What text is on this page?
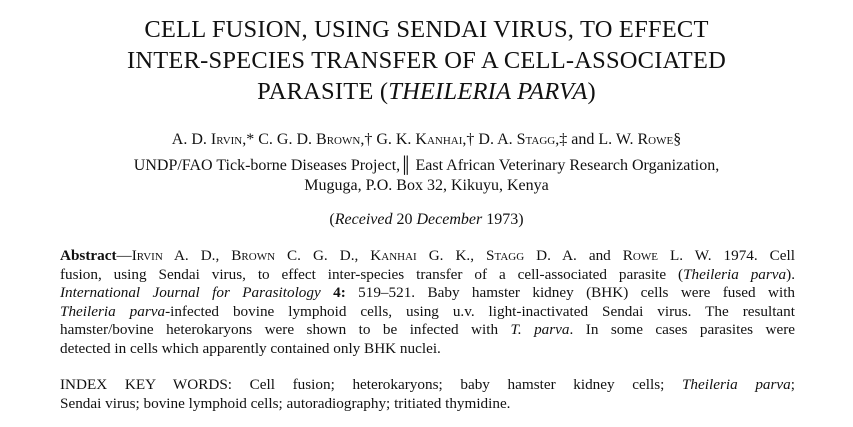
CELL FUSION, USING SENDAI VIRUS, TO EFFECT
INTER-SPECIES TRANSFER OF A CELL-ASSOCIATED
PARASITE (THEILERIA PARVA)
A. D. Irvin,* C. G. D. Brown,† G. K. Kanhai,† D. A. Stagg,‡ and L. W. Rowe§
UNDP/FAO Tick-borne Diseases Project,║ East African Veterinary Research Organization,
Muguga, P.O. Box 32, Kikuyu, Kenya
(Received 20 December 1973)
Abstract—Irvin A. D., Brown C. G. D., Kanhai G. K., Stagg D. A. and Rowe L. W. 1974. Cell
fusion, using Sendai virus, to effect inter-species transfer of a cell-associated parasite (Theileria parva).
International Journal for Parasitology 4: 519–521. Baby hamster kidney (BHK) cells were fused with
Theileria parva-infected bovine lymphoid cells, using u.v. light-inactivated Sendai virus. The resultant
hamster/bovine heterokaryons were shown to be infected with T. parva. In some cases parasites were
detected in cells which apparently contained only BHK nuclei.
INDEX KEY WORDS: Cell fusion; heterokaryons; baby hamster kidney cells; Theileria parva;
Sendai virus; bovine lymphoid cells; autoradiography; tritiated thymidine.
